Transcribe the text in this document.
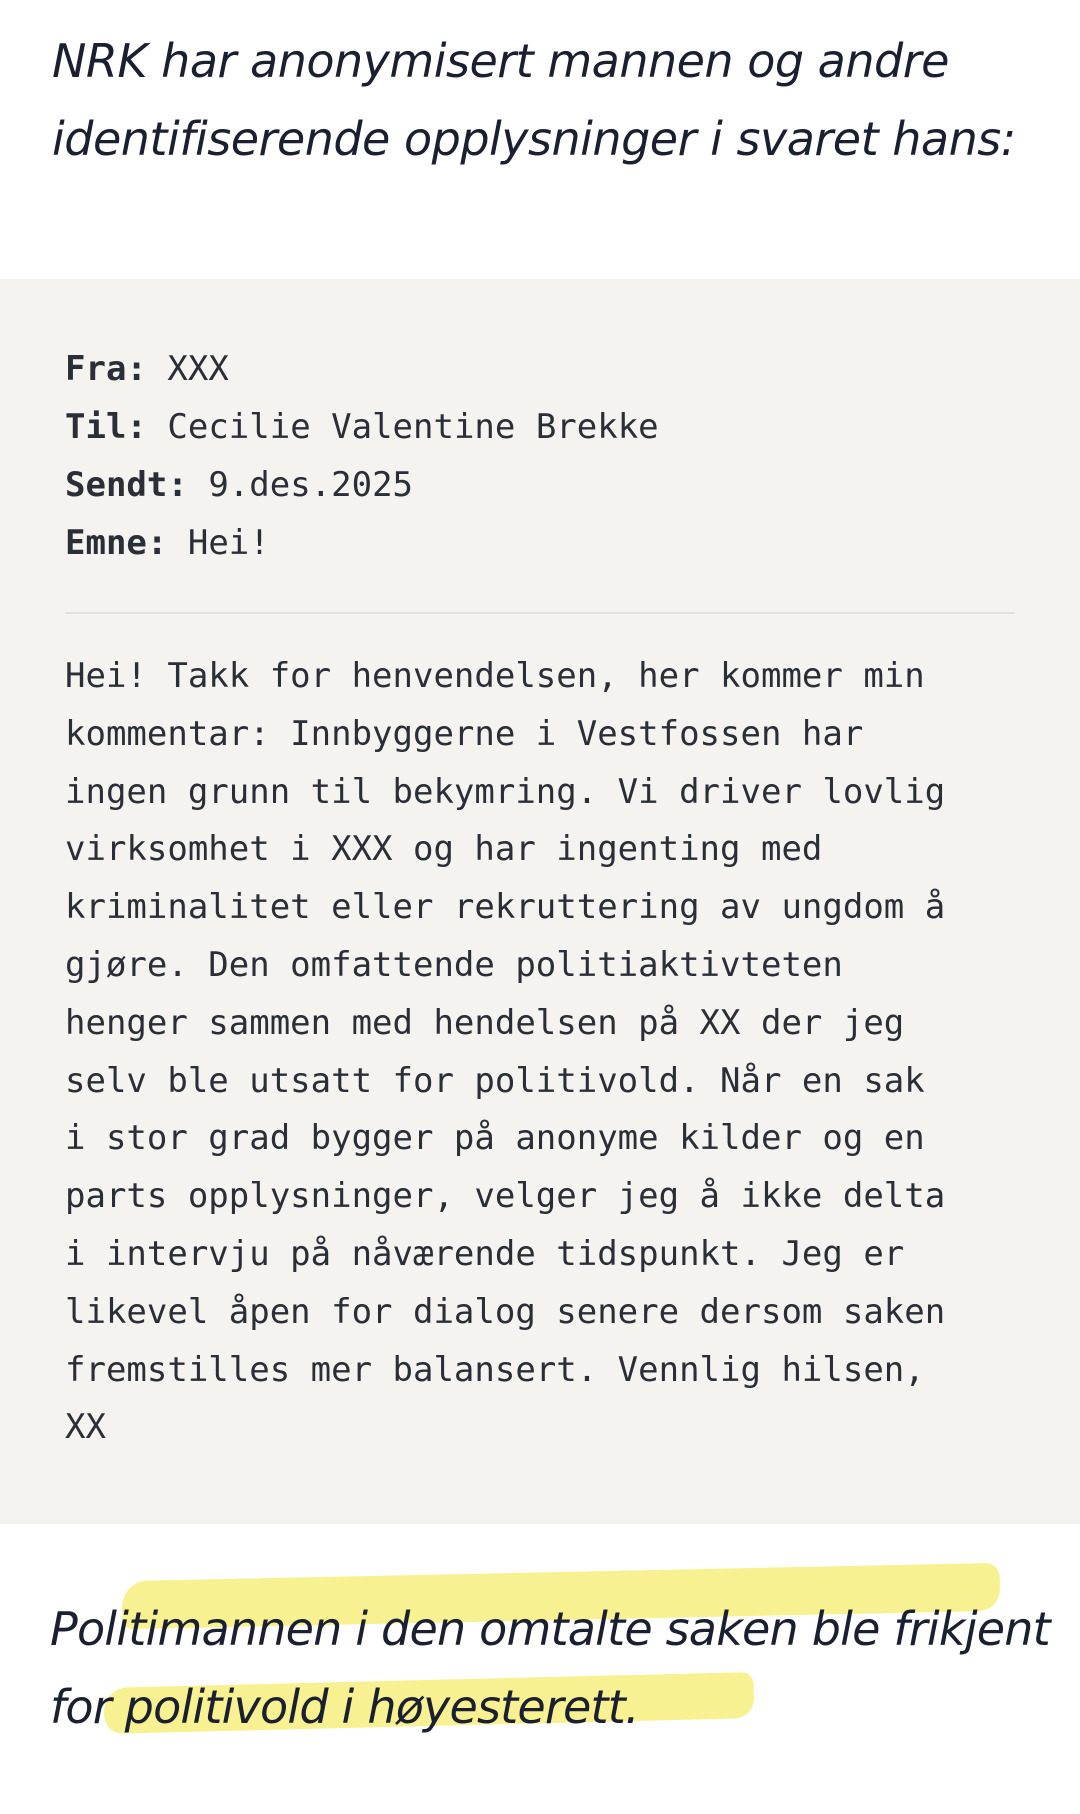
NRK har anonymisert mannen og andre
identifiserende opplysninger i svaret hans:

Fra: XXX
Til: Cecilie Valentine Brekke
Sendt: 9.des.2025
Emne: Hei!
Hei! Takk for henvendelsen, her kommer min
kommentar: Innbyggerne i Vestfossen har
ingen grunn til bekymring. Vi driver lovlig
virksomhet i XXX og har ingenting med
kriminalitet eller rekruttering av ungdom å
gjøre. Den omfattende politiaktivteten
henger sammen med hendelsen på XX der jeg
selv ble utsatt for politivold. Når en sak
i stor grad bygger på anonyme kilder og en
parts opplysninger, velger jeg å ikke delta
i intervju på nåværende tidspunkt. Jeg er
likevel åpen for dialog senere dersom saken
fremstilles mer balansert. Vennlig hilsen,
XX
Politimannen i den omtalte saken ble frikjent
for politivold i høyesterett.
